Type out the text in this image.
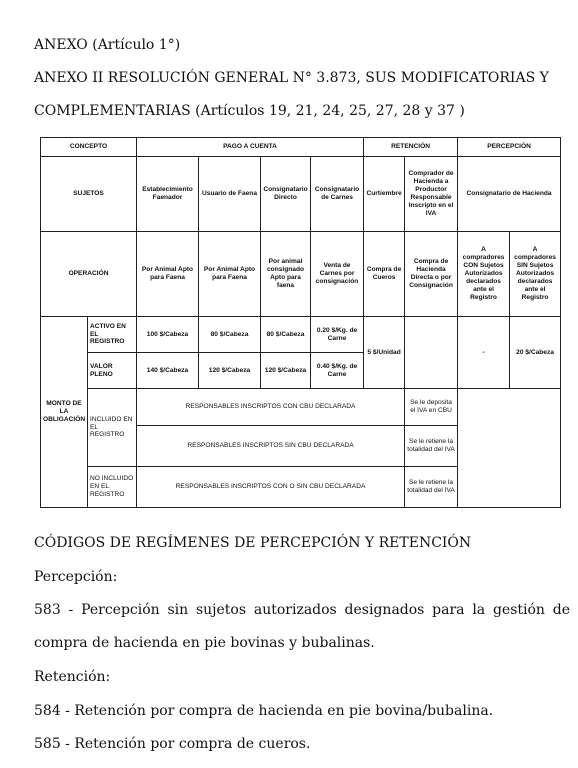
ANEXO (Artículo 1°)
ANEXO II RESOLUCIÓN GENERAL N° 3.873, SUS MODIFICATORIAS Y
COMPLEMENTARIAS (Artículos 19, 21, 24, 25, 27, 28 y 37 )
CONCEPTO		PAGO A CUENTA				RETENCIÓN		PERCEPCIÓN	
SUJETOS		Establecimiento Faenador	Usuario de Faena	Consignatario Directo	Consignatario de Carnes	Curtiembre	Comprador de Hacienda a Productor Responsable Inscripto en el IVA	Consignatario de Hacienda	
OPERACIÓN		Por Animal Apto para Faena	Por Animal Apto para Faena	Por animal consignado Apto para faena	Venta de Carnes por consignación	Compra de Cueros	Compra de Hacienda Directa o por Consignación	A compradores CON Sujetos Autorizados declarados ante el Registro	A compradores SIN Sujetos Autorizados declarados ante el Registro
MONTO DE LA OBLIGACIÓN	ACTIVO EN EL REGISTRO	100 $/Cabeza	80 $/Cabeza	80 $/Cabeza	0.20 $/Kg. de Carne	5 $/Unidad		-	20 $/Cabeza
	VALOR PLENO	140 $/Cabeza	120 $/Cabeza	120 $/Cabeza	0.40 $/Kg. de Carne				
	INCLUIDO EN EL REGISTRO	RESPONSABLES INSCRIPTOS CON CBU DECLARADA					Se le deposita el IVA en CBU		
		RESPONSABLES INSCRIPTOS SIN CBU DECLARADA					Se le retiene la totalidad del IVA		
	NO INCLUIDO EN EL REGISTRO	RESPONSABLES INSCRIPTOS CON O SIN CBU DECLARADA					Se le retiene la totalidad del IVA		
CÓDIGOS DE REGÍMENES DE PERCEPCIÓN Y RETENCIÓN
Percepción:
583 - Percepción sin sujetos autorizados designados para la gestión de
compra de hacienda en pie bovinas y bubalinas.
Retención:
584 - Retención por compra de hacienda en pie bovina/bubalina.
585 - Retención por compra de cueros.
